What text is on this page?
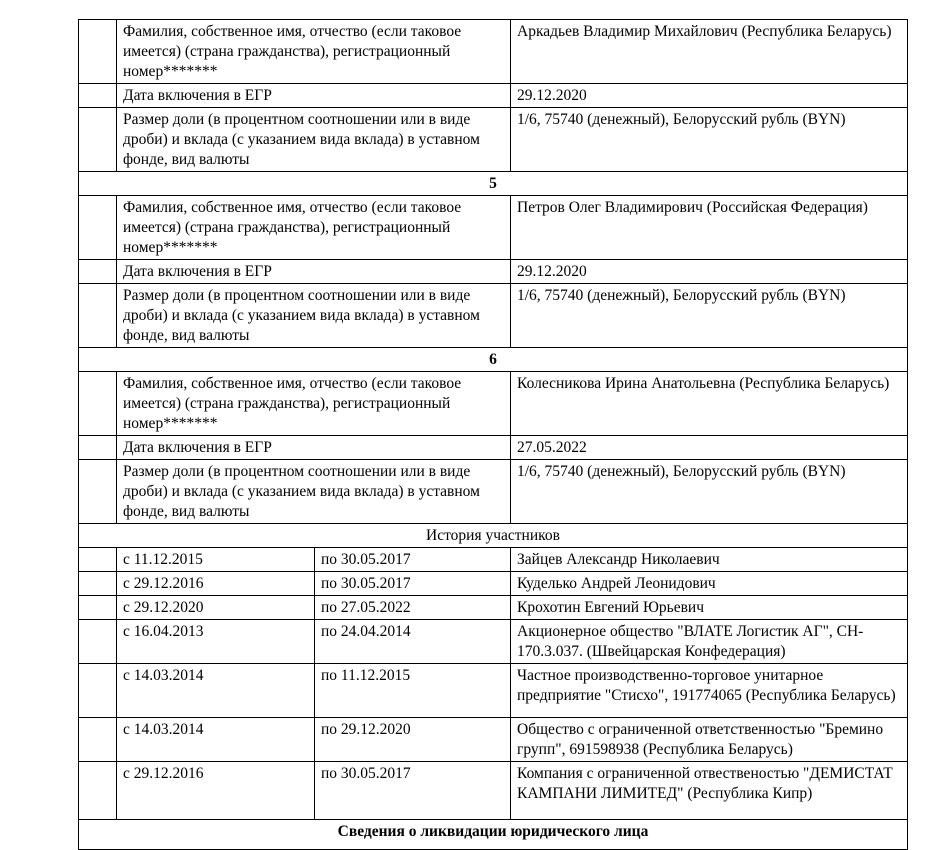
	Фамилия, собственное имя, отчество (если таковое имеется) (страна гражданства), регистрационный номер*******		Аркадьев Владимир Михайлович (Республика Беларусь)
	Дата включения в ЕГР		29.12.2020
	Размер доли (в процентном соотношении или в виде дроби) и вклада (с указанием вида вклада) в уставном фонде, вид валюты		1/6, 75740 (денежный), Белорусский рубль (BYN)
5			
	Фамилия, собственное имя, отчество (если таковое имеется) (страна гражданства), регистрационный номер*******		Петров Олег Владимирович (Российская Федерация)
	Дата включения в ЕГР		29.12.2020
	Размер доли (в процентном соотношении или в виде дроби) и вклада (с указанием вида вклада) в уставном фонде, вид валюты		1/6, 75740 (денежный), Белорусский рубль (BYN)
6			
	Фамилия, собственное имя, отчество (если таковое имеется) (страна гражданства), регистрационный номер*******		Колесникова Ирина Анатольевна (Республика Беларусь)
	Дата включения в ЕГР		27.05.2022
	Размер доли (в процентном соотношении или в виде дроби) и вклада (с указанием вида вклада) в уставном фонде, вид валюты		1/6, 75740 (денежный), Белорусский рубль (BYN)
История участников			
	с 11.12.2015	по 30.05.2017	Зайцев Александр Николаевич
	с 29.12.2016	по 30.05.2017	Куделько Андрей Леонидович
	с 29.12.2020	по 27.05.2022	Крохотин Евгений Юрьевич
	с 16.04.2013	по 24.04.2014	Акционерное общество "ВЛАТЕ Логистик АГ", CH-170.3.037. (Швейцарская Конфедерация)
	с 14.03.2014	по 11.12.2015	Частное производственно-торговое унитарное предприятие "Стисхо", 191774065 (Республика Беларусь)
	с 14.03.2014	по 29.12.2020	Общество с ограниченной ответственностью "Бремино групп", 691598938 (Республика Беларусь)
	с 29.12.2016	по 30.05.2017	Компания с ограниченной отвественостью "ДЕМИСТАТ КАМПАНИ ЛИМИТЕД" (Республика Кипр)
Сведения о ликвидации юридического лица			
